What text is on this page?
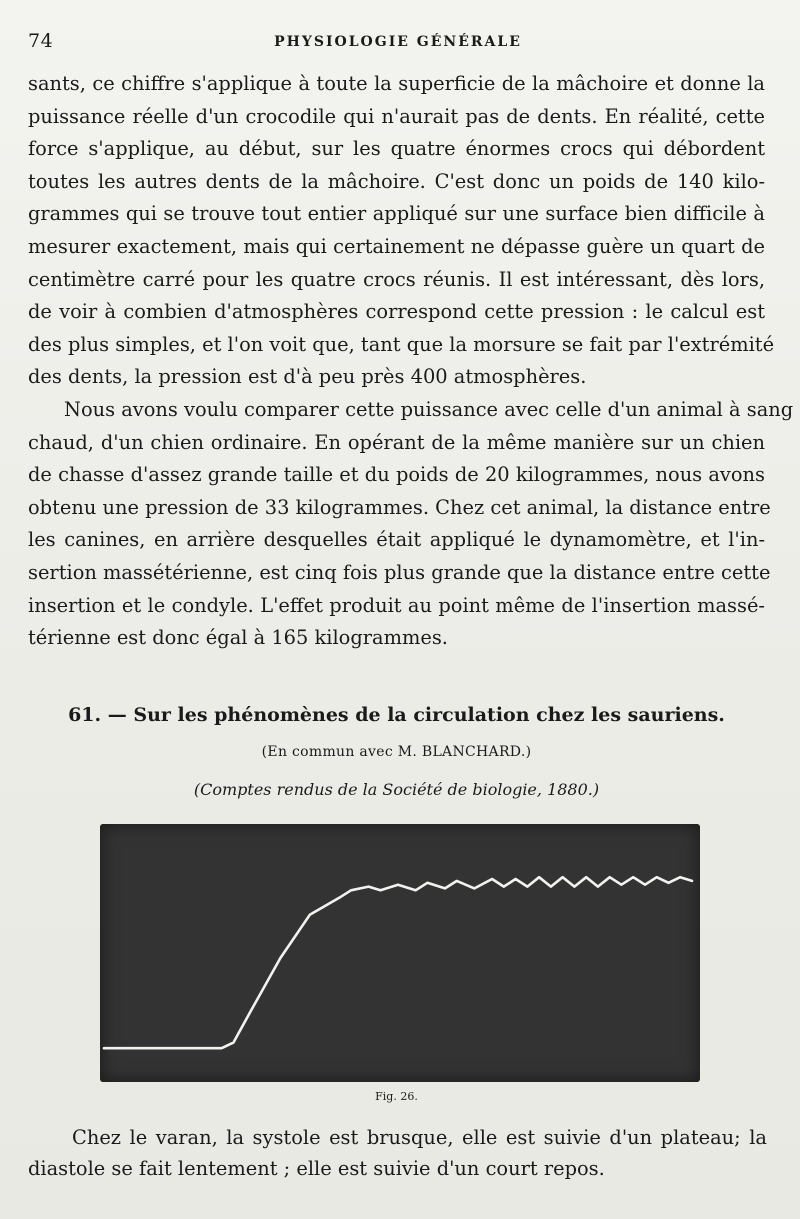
74	PHYSIOLOGIE GÉNÉRALE
sants, ce chiffre s'applique à toute la superficie de la mâchoire et donne la
puissance réelle d'un crocodile qui n'aurait pas de dents. En réalité, cette
force s'applique, au début, sur les quatre énormes crocs qui débordent
toutes les autres dents de la mâchoire. C'est donc un poids de 140 kilo-
grammes qui se trouve tout entier appliqué sur une surface bien difficile à
mesurer exactement, mais qui certainement ne dépasse guère un quart de
centimètre carré pour les quatre crocs réunis. Il est intéressant, dès lors,
de voir à combien d'atmosphères correspond cette pression : le calcul est
des plus simples, et l'on voit que, tant que la morsure se fait par l'extrémité
des dents, la pression est d'à peu près 400 atmosphères.
Nous avons voulu comparer cette puissance avec celle d'un animal à sang
chaud, d'un chien ordinaire. En opérant de la même manière sur un chien
de chasse d'assez grande taille et du poids de 20 kilogrammes, nous avons
obtenu une pression de 33 kilogrammes. Chez cet animal, la distance entre
les canines, en arrière desquelles était appliqué le dynamomètre, et l'in-
sertion massétérienne, est cinq fois plus grande que la distance entre cette
insertion et le condyle. L'effet produit au point même de l'insertion massé-
térienne est donc égal à 165 kilogrammes.
61. — Sur les phénomènes de la circulation chez les sauriens.
(En commun avec M. BLANCHARD.)
(Comptes rendus de la Société de biologie, 1880.)
Fig. 26.
Chez le varan, la systole est brusque, elle est suivie d'un plateau; la
diastole se fait lentement ; elle est suivie d'un court repos.
